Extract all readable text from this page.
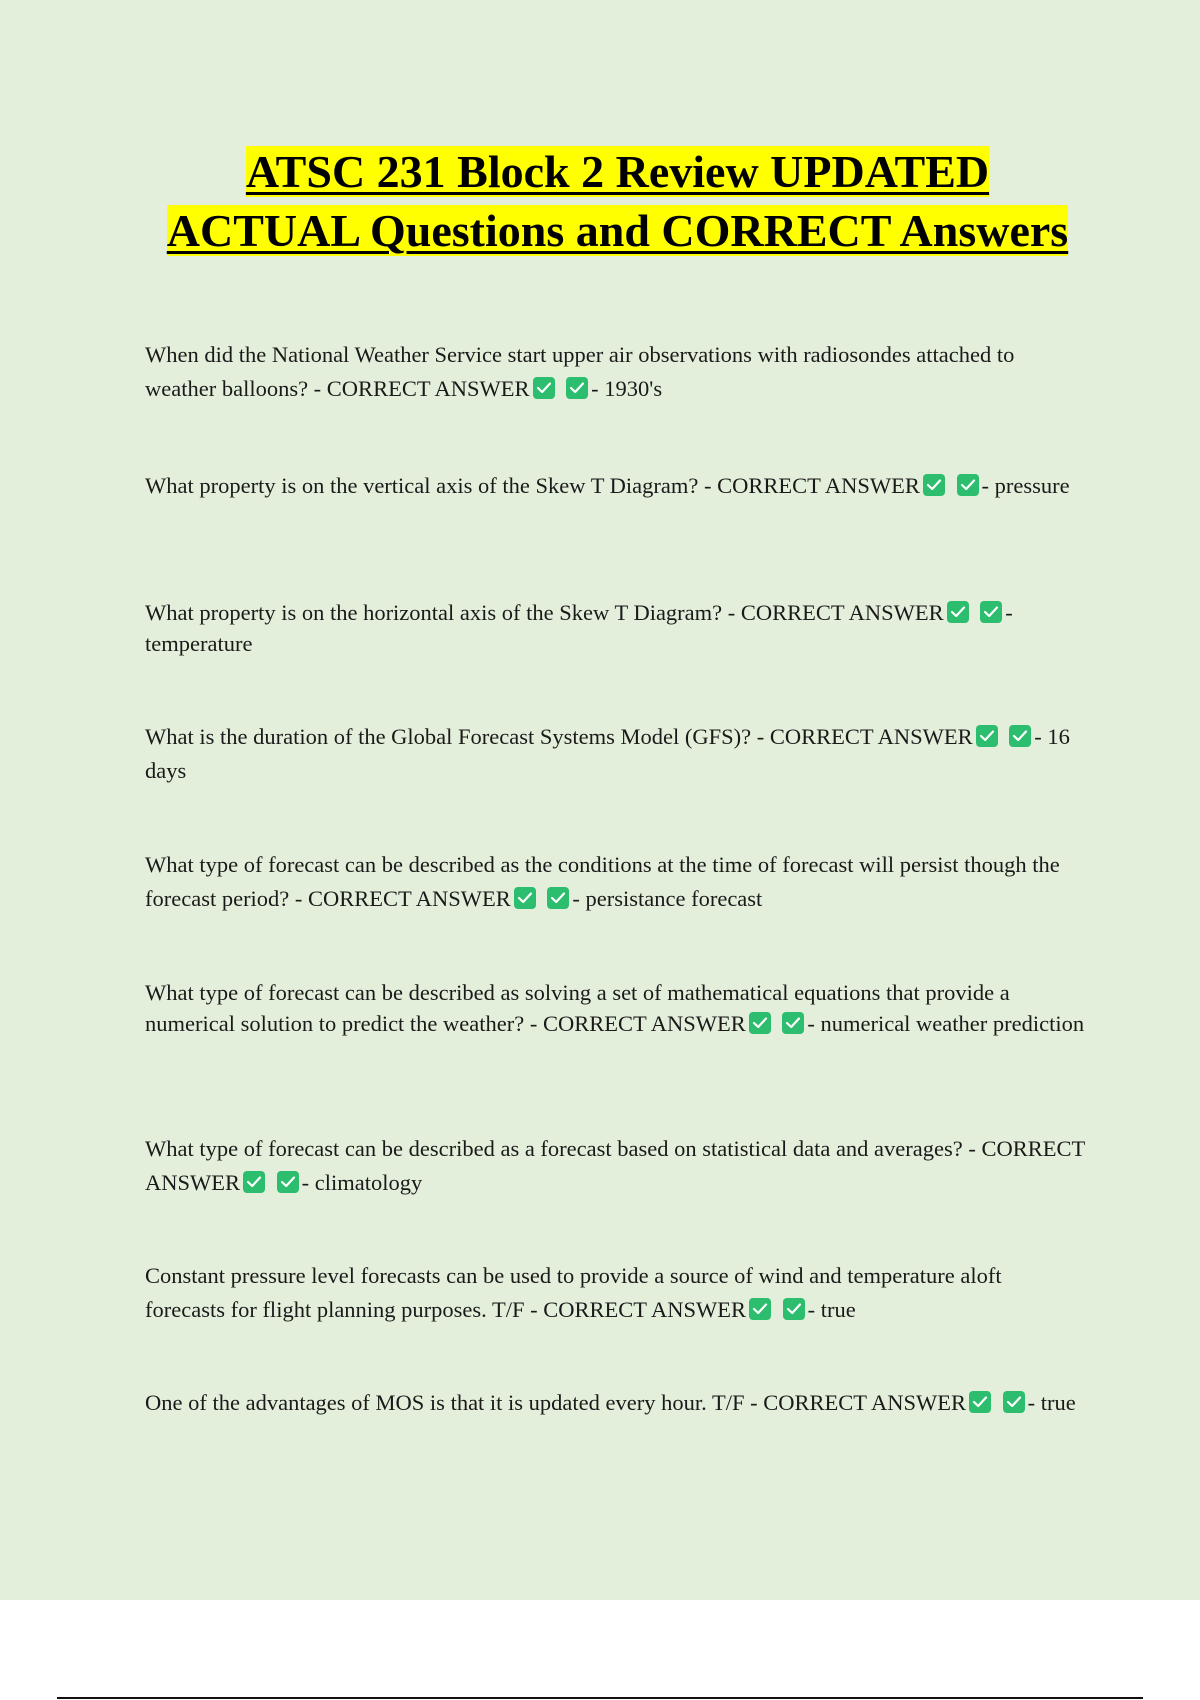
ATSC 231 Block 2 Review UPDATED ACTUAL Questions and CORRECT Answers
When did the National Weather Service start upper air observations with radiosondes attached to weather balloons? - CORRECT ANSWER
	- 1930's
What property is on the vertical axis of the Skew T Diagram? - CORRECT ANSWER
	- pressure
What property is on the horizontal axis of the Skew T Diagram? - CORRECT ANSWER
	- temperature
What is the duration of the Global Forecast Systems Model (GFS)? - CORRECT ANSWER
	- 16 days
What type of forecast can be described as the conditions at the time of forecast will persist though the forecast period? - CORRECT ANSWER
	- persistance forecast
What type of forecast can be described as solving a set of mathematical equations that provide a numerical solution to predict the weather? - CORRECT ANSWER
	- numerical weather prediction
What type of forecast can be described as a forecast based on statistical data and averages? - CORRECT ANSWER
	- climatology
Constant pressure level forecasts can be used to provide a source of wind and temperature aloft forecasts for flight planning purposes. T/F - CORRECT ANSWER
	- true
One of the advantages of MOS is that it is updated every hour. T/F - CORRECT ANSWER
	- true
